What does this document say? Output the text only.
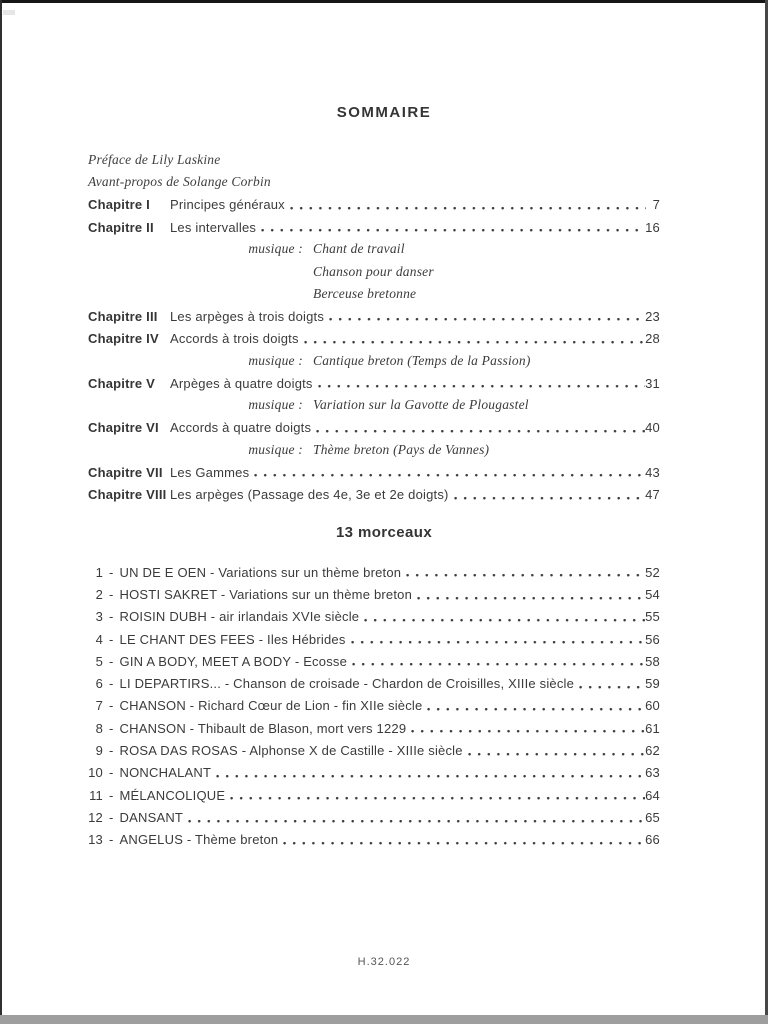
SOMMAIRE
Préface de Lily Laskine
Avant-propos de Solange Corbin
Chapitre I	Principes généraux	7
Chapitre II	Les intervalles	16
musique : Chant de travail
Chanson pour danser
Berceuse bretonne
Chapitre III Les arpèges à trois doigts	23
Chapitre IV Accords à trois doigts	28
musique : Cantique breton (Temps de la Passion)
Chapitre V	Arpèges à quatre doigts	31
musique : Variation sur la Gavotte de Plougastel
Chapitre VI Accords à quatre doigts	40
musique : Thème breton (Pays de Vannes)
Chapitre VII Les Gammes	43
Chapitre VIII Les arpèges (Passage des 4e, 3e et 2e doigts)	47
13 morceaux
1 - UN DE E OEN - Variations sur un thème breton	52
2 - HOSTI SAKRET - Variations sur un thème breton	54
3 - ROISIN DUBH - air irlandais XVIe siècle	55
4 - LE CHANT DES FEES - Iles Hébrides	56
5 - GIN A BODY, MEET A BODY - Ecosse	58
6 - LI DEPARTIRS... - Chanson de croisade - Chardon de Croisilles, XIIIe siècle	59
7 - CHANSON - Richard Cœur de Lion - fin XIIe siècle	60
8 - CHANSON - Thibault de Blason, mort vers 1229	61
9 - ROSA DAS ROSAS - Alphonse X de Castille - XIIIe siècle	62
10 - NONCHALANT	63
11 - MÉLANCOLIQUE	64
12 - DANSANT	65
13 - ANGELUS - Thème breton	66
H.32.022
